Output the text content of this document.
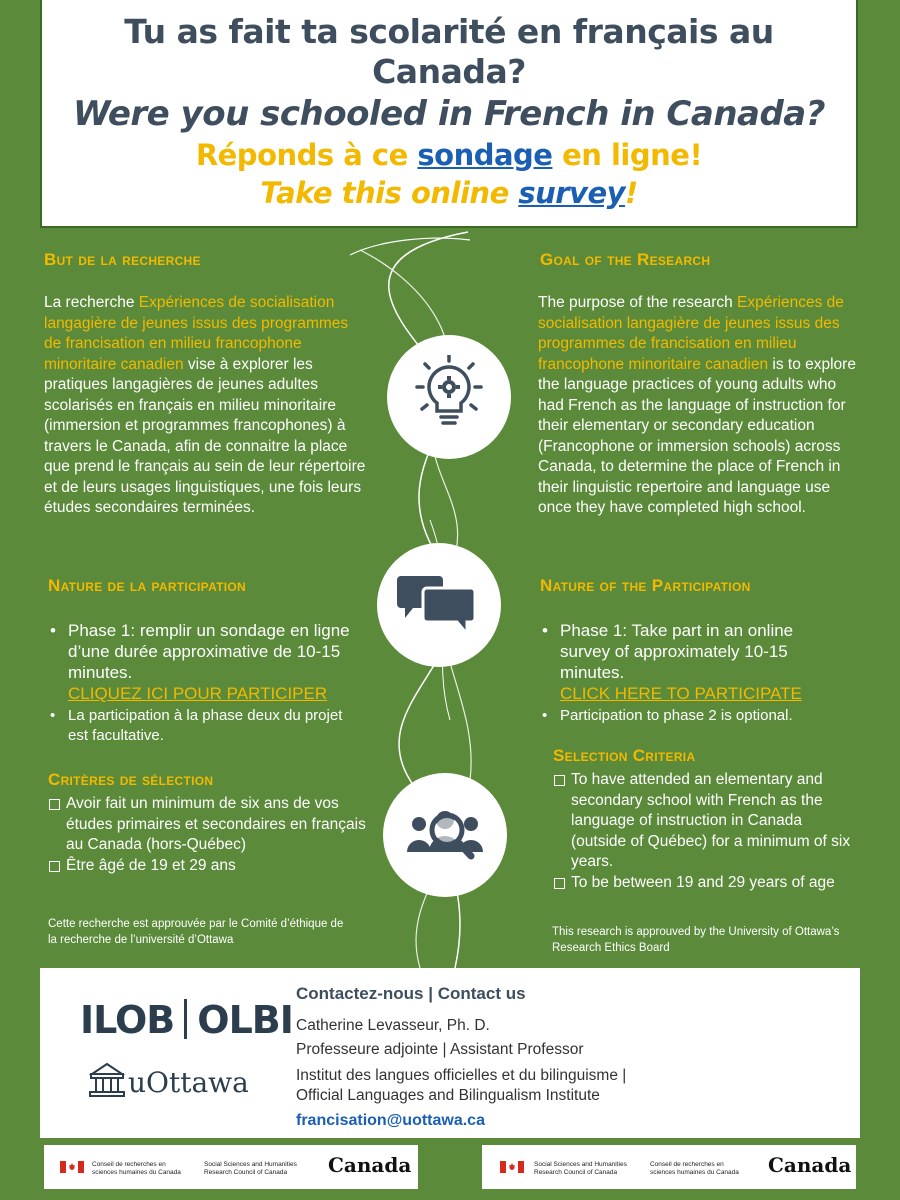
Tu as fait ta scolarité en français au Canada?
Were you schooled in French in Canada?
Réponds à ce sondage en ligne!
Take this online survey!
But de la recherche
La recherche Expériences de socialisation langagière de jeunes issus des programmes de francisation en milieu francophone minoritaire canadien vise à explorer les pratiques langagières de jeunes adultes scolarisés en français en milieu minoritaire (immersion et programmes francophones) à travers le Canada, afin de connaitre la place que prend le français au sein de leur répertoire et de leurs usages linguistiques, une fois leurs études secondaires terminées.
Nature de la participation
• Phase 1: remplir un sondage en ligne d’une durée approximative de 10-15 minutes.
CLIQUEZ ICI POUR PARTICIPER
• La participation à la phase deux du projet est facultative.
Critères de sélection
Avoir fait un minimum de six ans de vos études primaires et secondaires en français au Canada (hors-Québec)
Être âgé de 19 et 29 ans
Cette recherche est approuvée par le Comité d’éthique de la recherche de l’université d’Ottawa
Goal of the Research
The purpose of the research Expériences de socialisation langagière de jeunes issus des programmes de francisation en milieu francophone minoritaire canadien is to explore the language practices of young adults who had French as the language of instruction for their elementary or secondary education (Francophone or immersion schools) across Canada, to determine the place of French in their linguistic repertoire and language use once they have completed high school.
Nature of the Participation
• Phase 1: Take part in an online survey of approximately 10-15 minutes.
CLICK HERE TO PARTICIPATE
• Participation to phase 2 is optional.
Selection Criteria
To have attended an elementary and secondary school with French as the language of instruction in Canada (outside of Québec) for a minimum of six years.
To be between 19 and 29 years of age
This research is approuved by the University of Ottawa’s Research Ethics Board
ILOB OLBI
uOttawa
Contactez-nous | Contact us
Catherine Levasseur, Ph. D.
Professeure adjointe | Assistant Professor
Institut des langues officielles et du bilinguisme |
Official Languages and Bilingualism Institute
francisation@uottawa.ca
Conseil de recherches en sciences humaines du Canada
Social Sciences and Humanities Research Council of Canada	Canada	Social Sciences and Humanities Research Council of Canada
Conseil de recherches en sciences humaines du Canada	Canada
